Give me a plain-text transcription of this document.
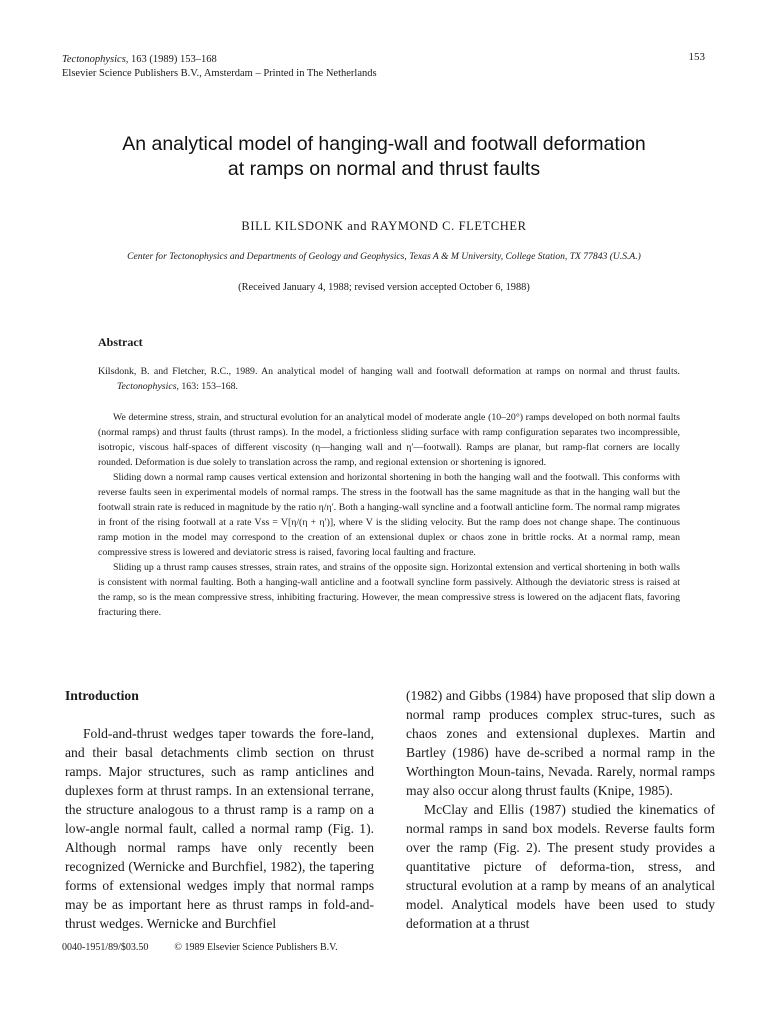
Tectonophysics, 163 (1989) 153–168
Elsevier Science Publishers B.V., Amsterdam – Printed in The Netherlands
153
An analytical model of hanging-wall and footwall deformation
at ramps on normal and thrust faults
BILL KILSDONK and RAYMOND C. FLETCHER
Center for Tectonophysics and Departments of Geology and Geophysics, Texas A & M University, College Station, TX 77843 (U.S.A.)
(Received January 4, 1988; revised version accepted October 6, 1988)
Abstract

Kilsdonk, B. and Fletcher, R.C., 1989. An analytical model of hanging wall and footwall deformation at ramps on normal and thrust faults. Tectonophysics, 163: 153–168.

We determine stress, strain, and structural evolution for an analytical model of moderate angle (10–20°) ramps developed on both normal faults (normal ramps) and thrust faults (thrust ramps). In the model, a frictionless sliding surface with ramp configuration separates two incompressible, isotropic, viscous half-spaces of different viscosity (η—hanging wall and η′—footwall). Ramps are planar, but ramp-flat corners are locally rounded. Deformation is due solely to translation across the ramp, and regional extension or shortening is ignored.

Sliding down a normal ramp causes vertical extension and horizontal shortening in both the hanging wall and the footwall. This conforms with reverse faults seen in experimental models of normal ramps. The stress in the footwall has the same magnitude as that in the hanging wall but the footwall strain rate is reduced in magnitude by the ratio η/η′. Both a hanging-wall syncline and a footwall anticline form. The normal ramp migrates in front of the rising footwall at a rate Vss = V[η/(η + η′)], where V is the sliding velocity. But the ramp does not change shape. The continuous ramp motion in the model may correspond to the creation of an extensional duplex or chaos zone in brittle rocks. At a normal ramp, mean compressive stress is lowered and deviatoric stress is raised, favoring local faulting and fracture.

Sliding up a thrust ramp causes stresses, strain rates, and strains of the opposite sign. Horizontal extension and vertical shortening in both walls is consistent with normal faulting. Both a hanging-wall anticline and a footwall syncline form passively. Although the deviatoric stress is raised at the ramp, so is the mean compressive stress, inhibiting fracturing. However, the mean compressive stress is lowered on the adjacent flats, favoring fracturing there.

Introduction

Fold-and-thrust wedges taper towards the fore-land, and their basal detachments climb section on thrust ramps. Major structures, such as ramp anticlines and duplexes form at thrust ramps. In an extensional terrane, the structure analogous to a thrust ramp is a ramp on a low-angle normal fault, called a normal ramp (Fig. 1). Although normal ramps have only recently been recognized (Wernicke and Burchfiel, 1982), the tapering forms of extensional wedges imply that normal ramps may be as important here as thrust ramps in fold-and-thrust wedges. Wernicke and Burchfiel

(1982) and Gibbs (1984) have proposed that slip down a normal ramp produces complex struc-tures, such as chaos zones and extensional duplexes. Martin and Bartley (1986) have de-scribed a normal ramp in the Worthington Moun-tains, Nevada. Rarely, normal ramps may also occur along thrust faults (Knipe, 1985).

McClay and Ellis (1987) studied the kinematics of normal ramps in sand box models. Reverse faults form over the ramp (Fig. 2). The present study provides a quantitative picture of deforma-tion, stress, and structural evolution at a ramp by means of an analytical model. Analytical models have been used to study deformation at a thrust

0040-1951/89/$03.50	© 1989 Elsevier Science Publishers B.V.
